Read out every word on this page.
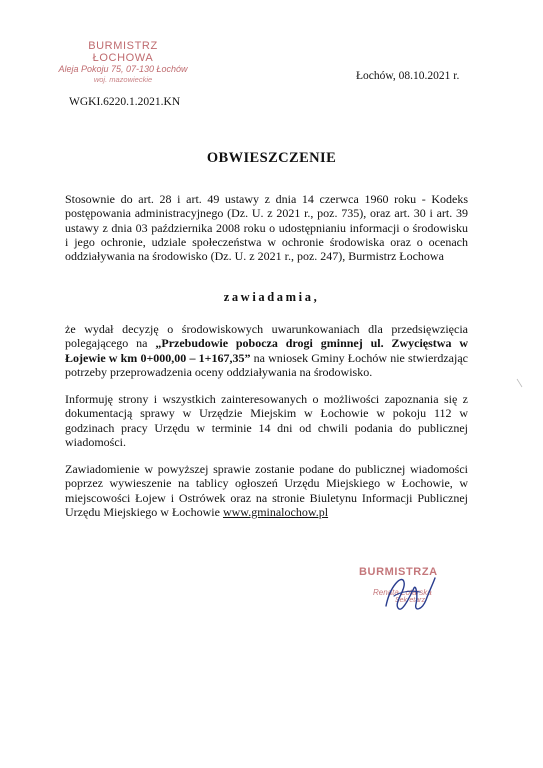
BURMISTRZ ŁOCHOWA
Aleja Pokoju 75, 07-130 Łochów
woj. mazowieckie	Łochów, 08.10.2021 r.
WGKI.6220.1.2021.KN
OBWIESZCZENIE
Stosownie do art. 28 i art. 49 ustawy z dnia 14 czerwca 1960 roku - Kodeks postępowania administracyjnego (Dz. U. z 2021 r., poz. 735), oraz art. 30 i art. 39 ustawy z dnia 03 października 2008 roku o udostępnianiu informacji o środowisku i jego ochronie, udziale społeczeństwa w ochronie środowiska oraz o ocenach oddziaływania na środowisko (Dz. U. z 2021 r., poz. 247), Burmistrz Łochowa
zawiadamia,
że wydał decyzję o środowiskowych uwarunkowaniach dla przedsięwzięcia polegającego na „Przebudowie pobocza drogi gminnej ul. Zwycięstwa w Łojewie w km 0+000,00 – 1+167,35” na wniosek Gminy Łochów nie stwierdzając potrzeby przeprowadzenia oceny oddziaływania na środowisko.
Informuję strony i wszystkich zainteresowanych o możliwości zapoznania się z dokumentacją sprawy w Urzędzie Miejskim w Łochowie w pokoju 112 w godzinach pracy Urzędu w terminie 14 dni od chwili podania do publicznej wiadomości.
Zawiadomienie w powyższej sprawie zostanie podane do publicznej wiadomości poprzez wywieszenie na tablicy ogłoszeń Urzędu Miejskiego w Łochowie, w miejscowości Łojew i Ostrówek oraz na stronie Biuletynu Informacji Publicznej Urzędu Miejskiego w Łochowie www.gminalochow.pl
BURMISTRZA
Renata Łotarska
Sekretarz
